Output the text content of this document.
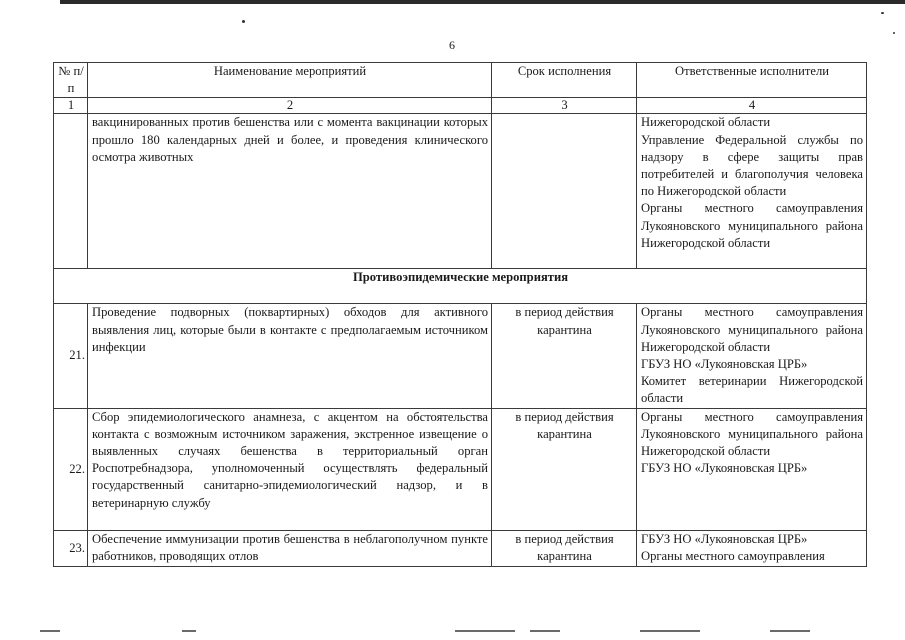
6
№ п/п	Наименование мероприятий	Срок исполнения	Ответственные исполнители
1	2	3	4
	вакцинированных против бешенства или с момента вакцинации которых прошло 180 календарных дней и более, и проведения клинического осмотра животных		Нижегородской области
Управление Федеральной службы по надзору в сфере защиты прав потребителей и благополучия человека по Нижегородской области
Органы местного самоуправления Лукояновского муниципального района Нижегородской области

Противоэпидемические мероприятия			
21.	Проведение подворных (поквартирных) обходов для активного выявления лиц, которые были в контакте с предполагаемым источником инфекции	в период действия карантина	Органы местного самоуправления Лукояновского муниципального района Нижегородской области
ГБУЗ НО «Лукояновская ЦРБ»
Комитет ветеринарии Нижегородской области

22.	Сбор эпидемиологического анамнеза, с акцентом на обстоятельства контакта с возможным источником заражения, экстренное извещение о выявленных случаях бешенства в территориальный орган Роспотребнадзора, уполномоченный осуществлять федеральный государственный санитарно-эпидемиологический надзор, и в ветеринарную службу	в период действия карантина	Органы местного самоуправления Лукояновского муниципального района Нижегородской области
ГБУЗ НО «Лукояновская ЦРБ»

23.	Обеспечение иммунизации против бешенства в неблагополучном пункте работников, проводящих отлов	в период действия карантина	ГБУЗ НО «Лукояновская ЦРБ»
Органы местного самоуправления
